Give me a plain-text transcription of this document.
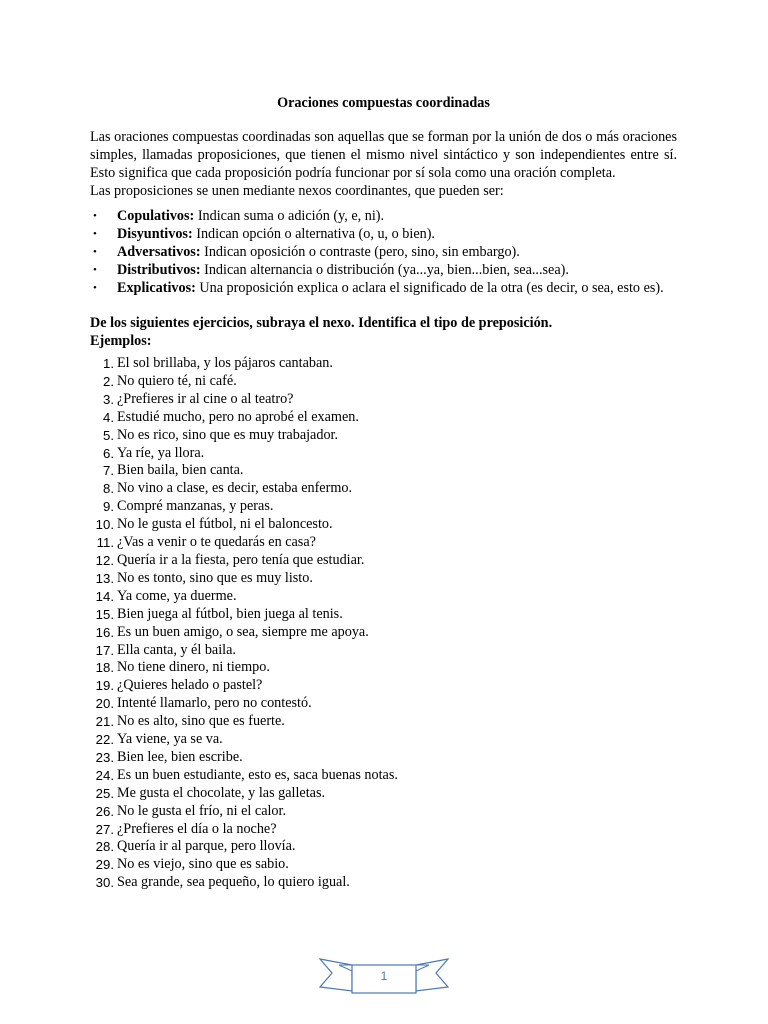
Oraciones compuestas coordinadas

Las oraciones compuestas coordinadas son aquellas que se forman por la unión de dos o más oraciones simples, llamadas proposiciones, que tienen el mismo nivel sintáctico y son independientes entre sí. Esto significa que cada proposición podría funcionar por sí sola como una oración completa.

Las proposiciones se unen mediante nexos coordinantes, que pueden ser:

• Copulativos: Indican suma o adición (y, e, ni).
• Disyuntivos: Indican opción o alternativa (o, u, o bien).
• Adversativos: Indican oposición o contraste (pero, sino, sin embargo).
• Distributivos: Indican alternancia o distribución (ya...ya, bien...bien, sea...sea).
• Explicativos: Una proposición explica o aclara el significado de la otra (es decir, o sea, esto es).
De los siguientes ejercicios, subraya el nexo. Identifica el tipo de preposición.
Ejemplos:
1. El sol brillaba, y los pájaros cantaban.
2. No quiero té, ni café.
3. ¿Prefieres ir al cine o al teatro?
4. Estudié mucho, pero no aprobé el examen.
5. No es rico, sino que es muy trabajador.
6. Ya ríe, ya llora.
7. Bien baila, bien canta.
8. No vino a clase, es decir, estaba enfermo.
9. Compré manzanas, y peras.
10. No le gusta el fútbol, ni el baloncesto.
11. ¿Vas a venir o te quedarás en casa?
12. Quería ir a la fiesta, pero tenía que estudiar.
13. No es tonto, sino que es muy listo.
14. Ya come, ya duerme.
15. Bien juega al fútbol, bien juega al tenis.
16. Es un buen amigo, o sea, siempre me apoya.
17. Ella canta, y él baila.
18. No tiene dinero, ni tiempo.
19. ¿Quieres helado o pastel?
20. Intenté llamarlo, pero no contestó.
21. No es alto, sino que es fuerte.
22. Ya viene, ya se va.
23. Bien lee, bien escribe.
24. Es un buen estudiante, esto es, saca buenas notas.
25. Me gusta el chocolate, y las galletas.
26. No le gusta el frío, ni el calor.
27. ¿Prefieres el día o la noche?
28. Quería ir al parque, pero llovía.
29. No es viejo, sino que es sabio.
30. Sea grande, sea pequeño, lo quiero igual.
1
